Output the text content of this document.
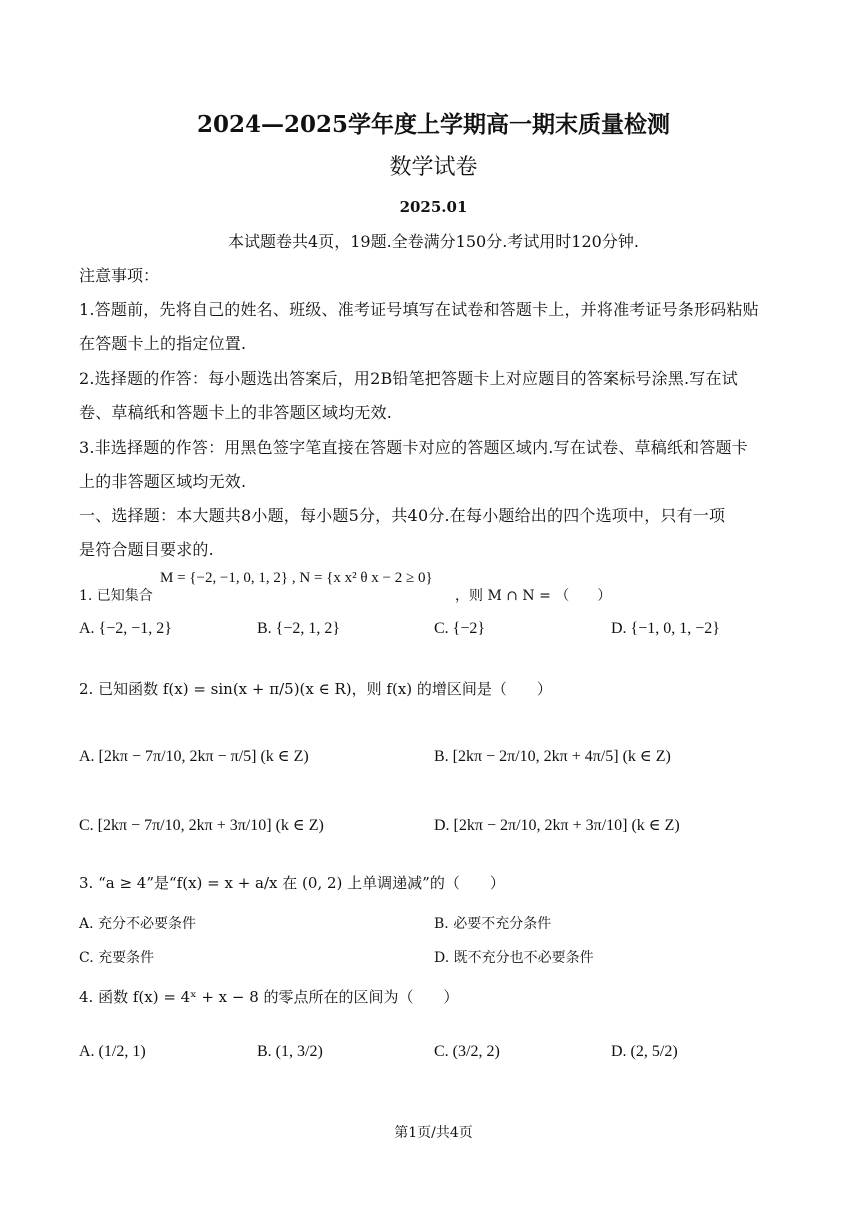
2024—2025学年度上学期高一期末质量检测
数学试卷
2025.01
本试题卷共4页，19题.全卷满分150分.考试用时120分钟.
注意事项：
1.答题前，先将自己的姓名、班级、准考证号填写在试卷和答题卡上，并将准考证号条形码粘贴
在答题卡上的指定位置.
2.选择题的作答：每小题选出答案后，用2B铅笔把答题卡上对应题目的答案标号涂黑.写在试
卷、草稿纸和答题卡上的非答题区域均无效.
3.非选择题的作答：用黑色签字笔直接在答题卡对应的答题区域内.写在试卷、草稿纸和答题卡
上的非答题区域均无效.
一、选择题：本大题共8小题，每小题5分，共40分.在每小题给出的四个选项中，只有一项
是符合题目要求的.
1. 已知集合
M = {−2, −1, 0, 1, 2} , N = {x x² θ x − 2 ≥ 0}
，则 M ∩ N = （　　）
A. {−2, −1, 2}	B. {−2, 1, 2}	C. {−2}	D. {−1, 0, 1, −2}
2. 已知函数 f(x) = sin(x + π/5)(x ∈ R)，则 f(x) 的增区间是（　　）
A. [2kπ − 7π/10, 2kπ − π/5] (k ∈ Z)	B. [2kπ − 2π/10, 2kπ + 4π/5] (k ∈ Z)
C. [2kπ − 7π/10, 2kπ + 3π/10] (k ∈ Z)	D. [2kπ − 2π/10, 2kπ + 3π/10] (k ∈ Z)
3. “a ≥ 4”是“f(x) = x + a/x 在 (0, 2) 上单调递减”的（　　）
A. 充分不必要条件	B. 必要不充分条件
C. 充要条件	D. 既不充分也不必要条件
4. 函数 f(x) = 4ˣ + x − 8 的零点所在的区间为（　　）
A. (1/2, 1)	B. (1, 3/2)	C. (3/2, 2)	D. (2, 5/2)
第1页/共4页
